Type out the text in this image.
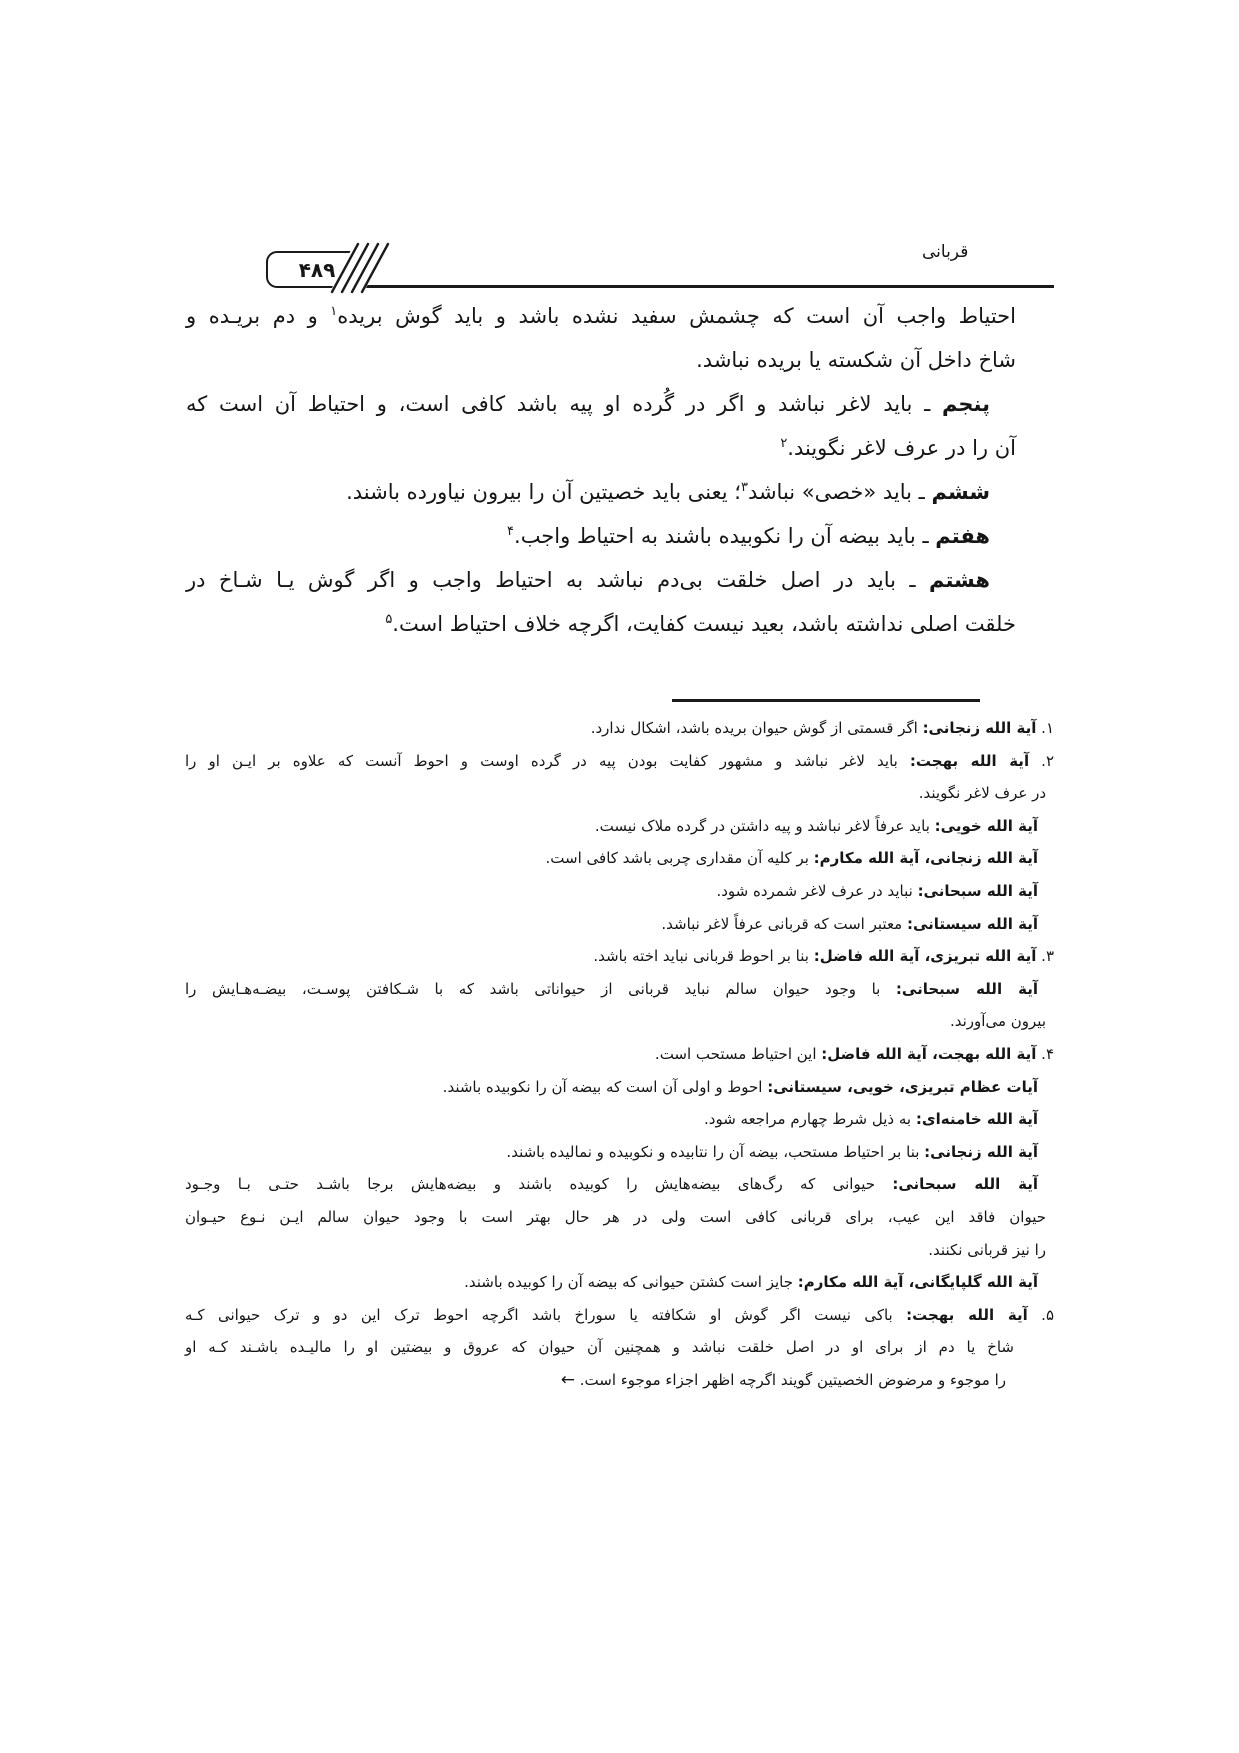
قربانی
۴۸۹
احتیاط واجب آن است که چشمش سفید نشده باشد و باید گوش بریده$^۱$ و دم بریـده و
شاخ داخل آن شکسته یا بریده نباشد.
پنجم ـ باید لاغر نباشد و اگر در گُرده او پیه باشد کافی است، و احتیاط آن است که
آن را در عرف لاغر نگویند.$^۲$
ششم ـ باید «خصی» نباشد$^۳$؛ یعنی باید خصیتین آن را بیرون نیاورده باشند.
هفتم ـ باید بیضه آن را نکوبیده باشند به احتیاط واجب.$^۴$
هشتم ـ باید در اصل خلقت بی‌دم نباشد به احتیاط واجب و اگر گوش یـا شـاخ در
خلقت اصلی نداشته باشد، بعید نیست کفایت، اگرچه خلاف احتیاط است.$^۵$
۱. آیة الله زنجانی: اگر قسمتی از گوش حیوان بریده باشد، اشکال ندارد.
۲. آیة الله بهجت: باید لاغر نباشد و مشهور کفایت بودن پیه در گرده اوست و احوط آنست که علاوه بر ایـن او را
در عرف لاغر نگویند.
آیة الله خویی: باید عرفاً لاغر نباشد و پیه داشتن در گرده ملاک نیست.
آیة الله زنجانی، آیة الله مکارم: بر کلیه آن مقداری چربی باشد کافی است.
آیة الله سبحانی: نباید در عرف لاغر شمرده شود.
آیة الله سیستانی: معتبر است که قربانی عرفاً لاغر نباشد.
۳. آیة الله تبریزی، آیة الله فاضل: بنا بر احوط قربانی نباید اخته باشد.
آیة الله سبحانی: با وجود حیوان سالم نباید قربانی از حیواناتی باشد که با شـکافتن پوسـت، بیضـه‌هـایش را
بیرون می‌آورند.
۴. آیة الله بهجت، آیة الله فاضل: این احتیاط مستحب است.
آیات عظام تبریزی، خویی، سیستانی: احوط و اولی آن است که بیضه آن را نکوبیده باشند.
آیة الله خامنه‌ای: به ذیل شرط چهارم مراجعه شود.
آیة الله زنجانی: بنا بر احتیاط مستحب، بیضه آن را نتابیده و نکوبیده و نمالیده باشند.
آیة الله سبحانی: حیوانی که رگ‌های بیضه‌هایش را کوبیده باشند و بیضه‌هایش برجا باشـد حتـی بـا وجـود
حیوان فاقد این عیب، برای قربانی کافی است ولی در هر حال بهتر است با وجود حیوان سالم ایـن نـوع حیـوان
را نیز قربانی نکنند.
آیة الله گلپایگانی، آیة الله مکارم: جایز است کشتن حیوانی که بیضه آن را کوبیده باشند.
۵. آیة الله بهجت: باکی نیست اگر گوش او شکافته یا سوراخ باشد اگرچه احوط ترک این دو و ترک حیوانی کـه
شاخ یا دم از برای او در اصل خلقت نباشد و همچنین آن حیوان که عروق و بیضتین او را مالیـده باشـند کـه او
را موجوء و مرضوض الخصیتین گویند اگرچه اظهر اجزاء موجوء است. ←
